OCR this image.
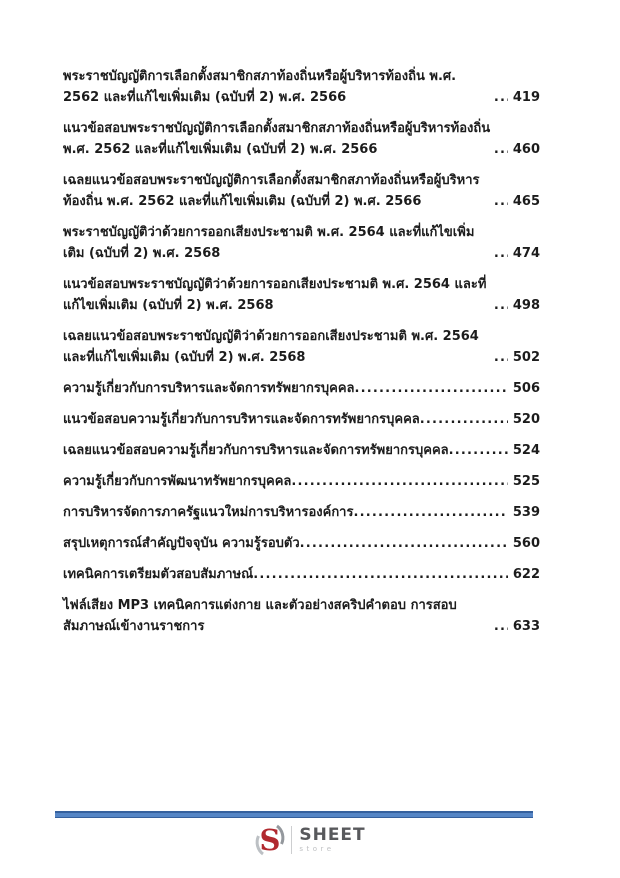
พระราชบัญญัติการเลือกตั้งสมาชิกสภาท้องถิ่นหรือผู้บริหารท้องถิ่น พ.ศ. 2562 และที่แก้ไขเพิ่มเติม (ฉบับที่ 2) พ.ศ. 2566 .....	419

แนวข้อสอบพระราชบัญญัติการเลือกตั้งสมาชิกสภาท้องถิ่นหรือผู้บริหารท้องถิ่น พ.ศ. 2562 และที่แก้ไขเพิ่มเติม (ฉบับที่ 2) พ.ศ. 2566 .....	460

เฉลยแนวข้อสอบพระราชบัญญัติการเลือกตั้งสมาชิกสภาท้องถิ่นหรือผู้บริหารท้องถิ่น พ.ศ. 2562 และที่แก้ไขเพิ่มเติม (ฉบับที่ 2) พ.ศ. 2566 .....	465

พระราชบัญญัติว่าด้วยการออกเสียงประชามติ พ.ศ. 2564 และที่แก้ไขเพิ่มเติม (ฉบับที่ 2) พ.ศ. 2568 .....	474

แนวข้อสอบพระราชบัญญัติว่าด้วยการออกเสียงประชามติ พ.ศ. 2564 และที่แก้ไขเพิ่มเติม (ฉบับที่ 2) พ.ศ. 2568 .....	498

เฉลยแนวข้อสอบพระราชบัญญัติว่าด้วยการออกเสียงประชามติ พ.ศ. 2564 และที่แก้ไขเพิ่มเติม (ฉบับที่ 2) พ.ศ. 2568 .....	502

ความรู้เกี่ยวกับการบริหารและจัดการทรัพยากรบุคคล .....	506

แนวข้อสอบความรู้เกี่ยวกับการบริหารและจัดการทรัพยากรบุคคล .....	520

เฉลยแนวข้อสอบความรู้เกี่ยวกับการบริหารและจัดการทรัพยากรบุคคล .....	524

ความรู้เกี่ยวกับการพัฒนาทรัพยากรบุคคล .....	525

การบริหารจัดการภาครัฐแนวใหม่การบริหารองค์การ .....	539

สรุปเหตุการณ์สำคัญปัจจุบัน ความรู้รอบตัว .....	560

เทคนิคการเตรียมตัวสอบสัมภาษณ์ .....	622

ไฟล์เสียง MP3 เทคนิคการแต่งกาย และตัวอย่างสคริปคำตอบ การสอบสัมภาษณ์เข้างานราชการ .....	633

S SHEET
store
